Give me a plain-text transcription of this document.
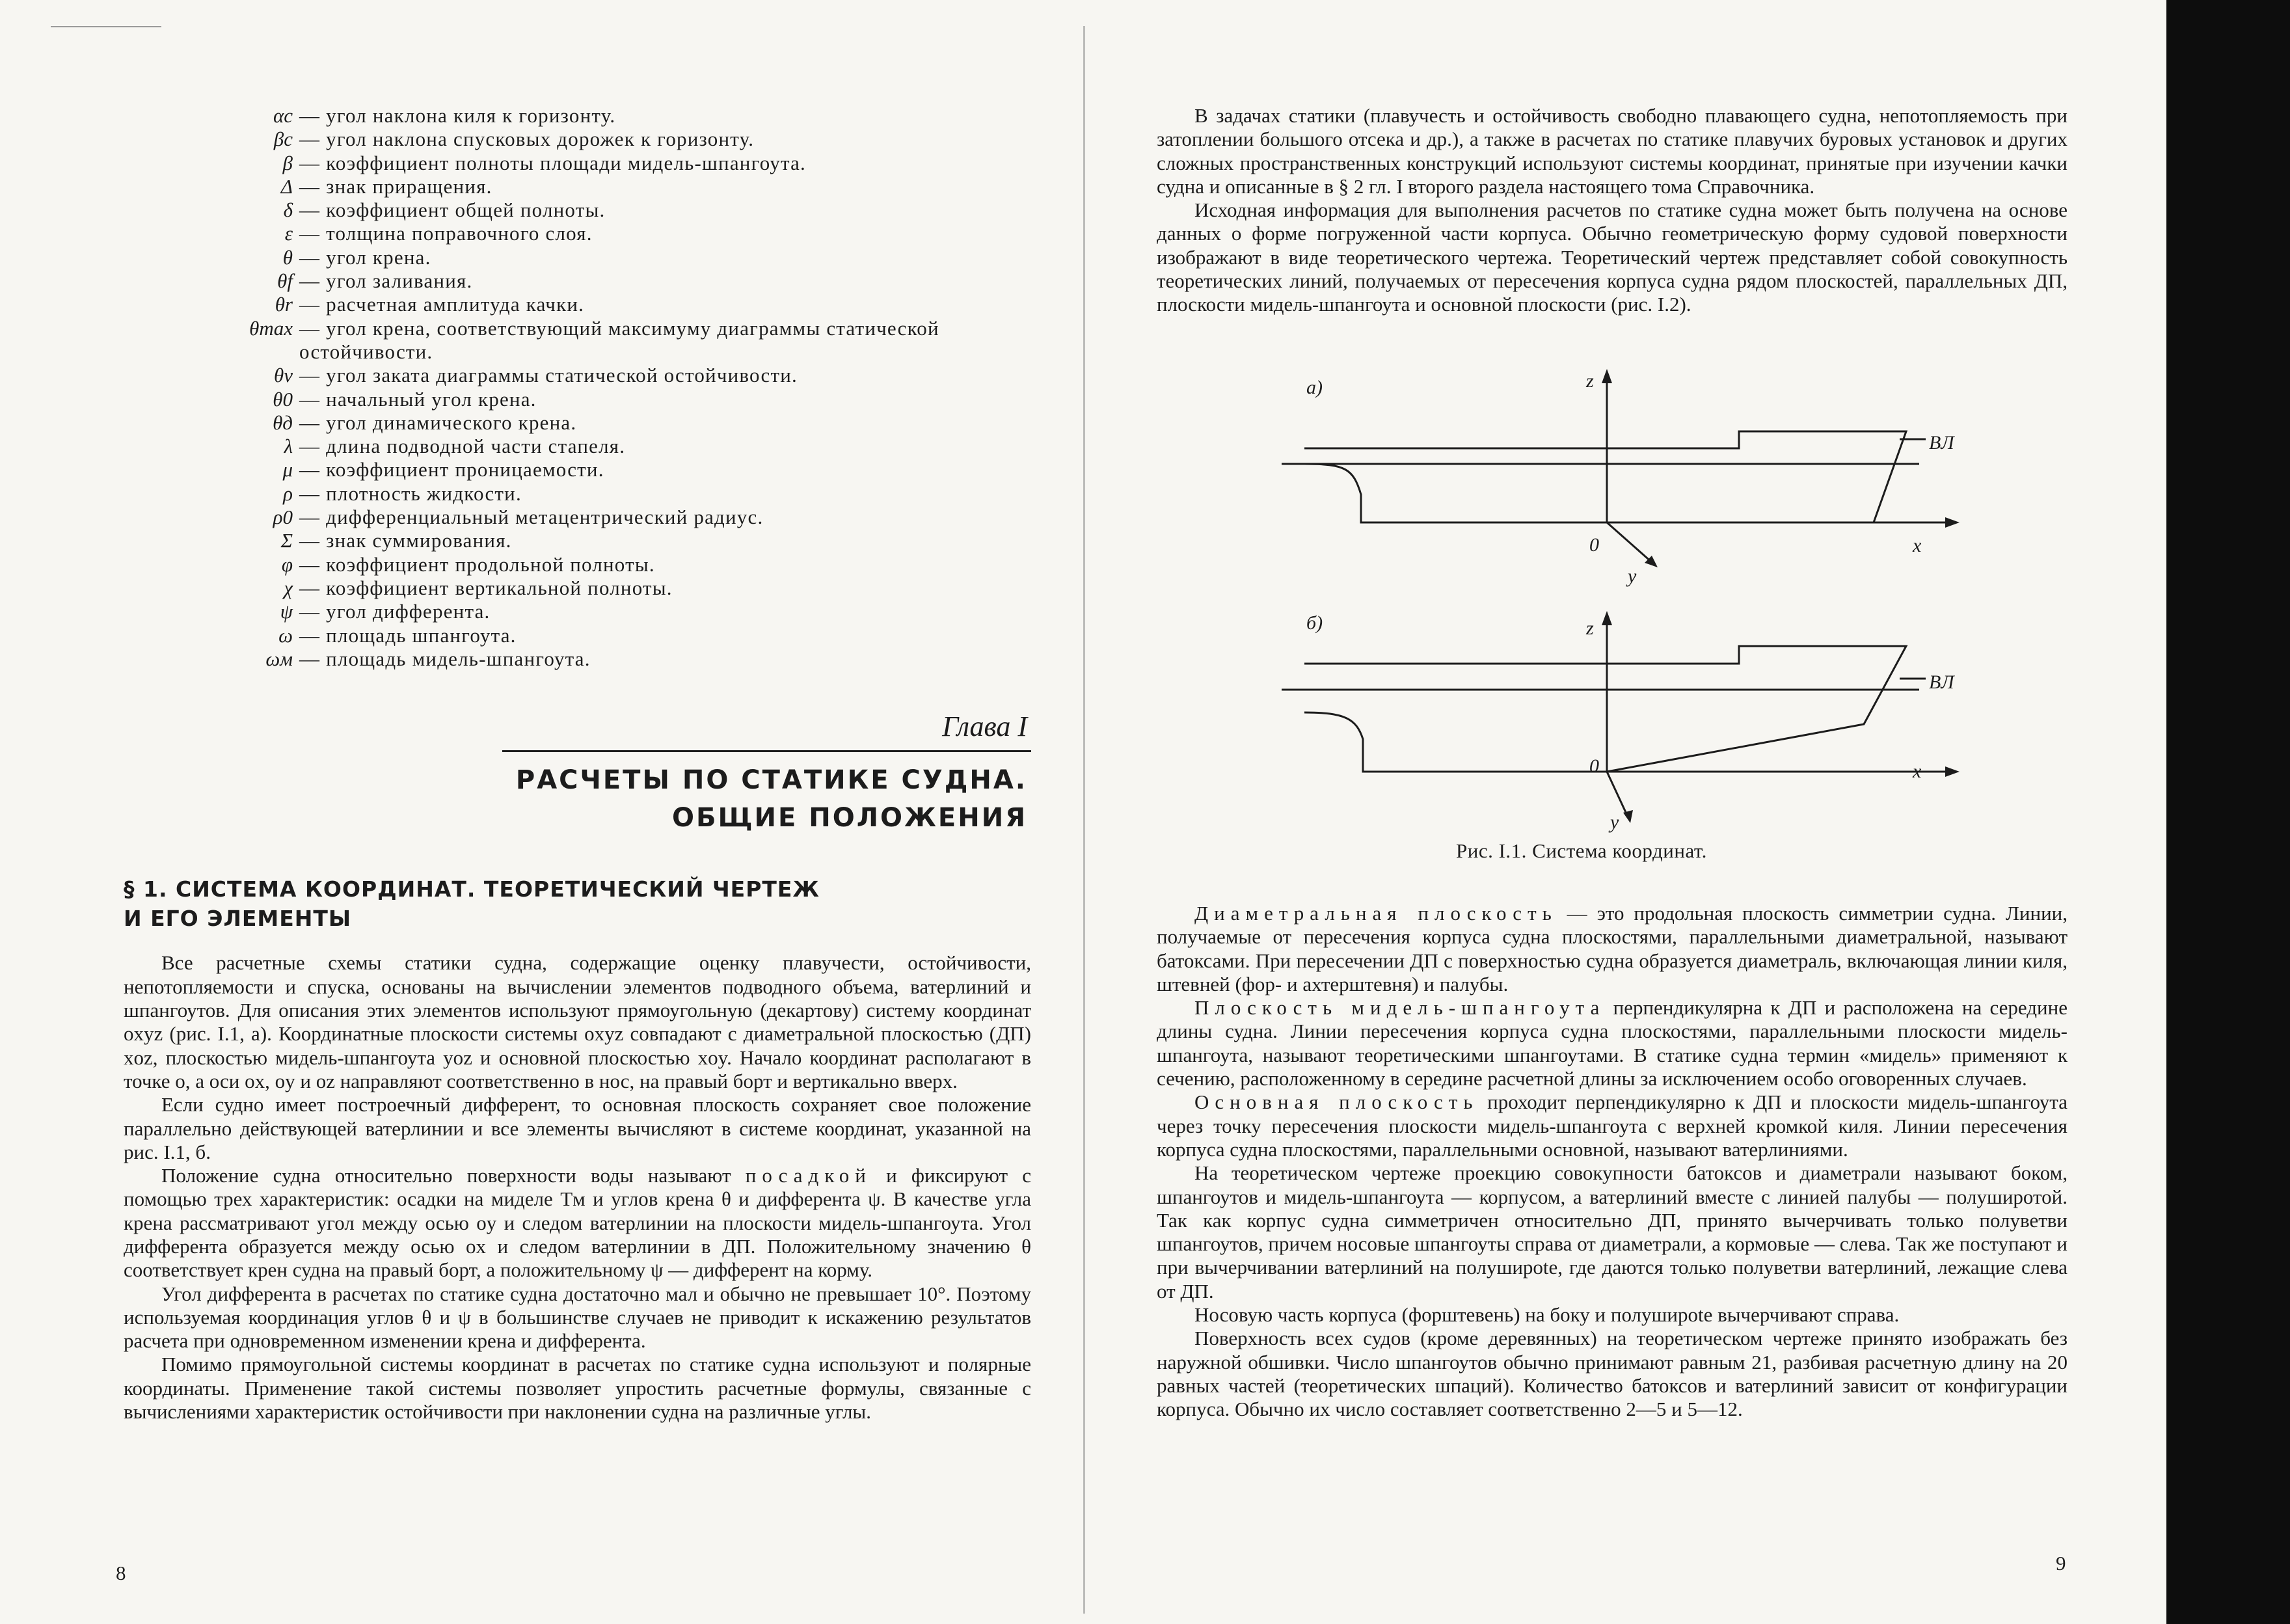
αc — угол наклона киля к горизонту.
βc — угол наклона спусковых дорожек к горизонту.
β — коэффициент полноты площади мидель-шпангоута.
Δ — знак приращения.
δ — коэффициент общей полноты.
ε — толщина поправочного слоя.
θ — угол крена.
θf — угол заливания.
θr — расчетная амплитуда качки.
θmax — угол крена, соответствующий максимуму диаграммы статической остойчивости.
θv — угол заката диаграммы статической остойчивости.
θ0 — начальный угол крена.
θд — угол динамического крена.
λ — длина подводной части стапеля.
μ — коэффициент проницаемости.
ρ — плотность жидкости.
ρ0 — дифференциальный метацентрический радиус.
Σ — знак суммирования.
φ — коэффициент продольной полноты.
χ — коэффициент вертикальной полноты.
ψ — угол дифферента.
ω — площадь шпангоута.
ωм — площадь мидель-шпангоута.
Глава I
РАСЧЕТЫ ПО СТАТИКЕ СУДНА.
ОБЩИЕ ПОЛОЖЕНИЯ
§ 1. СИСТЕМА КООРДИНАТ. ТЕОРЕТИЧЕСКИЙ ЧЕРТЕЖ
И ЕГО ЭЛЕМЕНТЫ

Все расчетные схемы статики судна, содержащие оценку плавучести, остойчивости, непотопляемости и спуска, основаны на вычислении элементов подводного объема, ватерлиний и шпангоутов. Для описания этих элементов используют прямоугольную (декартову) систему координат oxyz (рис. I.1, а). Координатные плоскости системы oxyz совпадают с диаметральной плоскостью (ДП) xoz, плоскостью мидель-шпангоута yoz и основной плоскостью xoy. Начало координат располагают в точке о, а оси ox, oy и oz направляют соответственно в нос, на правый борт и вертикально вверх.

Если судно имеет построечный дифферент, то основная плоскость сохраняет свое положение параллельно действующей ватерлинии и все элементы вычисляют в системе координат, указанной на рис. I.1, б.

Положение судна относительно поверхности воды называют посадкой и фиксируют с помощью трех характеристик: осадки на миделе Tм и углов крена θ и дифферента ψ. В качестве угла крена рассматривают угол между осью oy и следом ватерлинии на плоскости мидель-шпангоута. Угол дифферента образуется между осью ox и следом ватерлинии в ДП. Положительному значению θ соответствует крен судна на правый борт, а положительному ψ — дифферент на корму.

Угол дифферента в расчетах по статике судна достаточно мал и обычно не превышает 10°. Поэтому используемая координация углов θ и ψ в большинстве случаев не приводит к искажению результатов расчета при одновременном изменении крена и дифферента.

Помимо прямоугольной системы координат в расчетах по статике судна используют и полярные координаты. Применение такой системы позволяет упростить расчетные формулы, связанные с вычислениями характеристик остойчивости при наклонении судна на различные углы.

8

В задачах статики (плавучесть и остойчивость свободно плавающего судна, непотопляемость при затоплении большого отсека и др.), а также в расчетах по статике плавучих буровых установок и других сложных пространственных конструкций используют системы координат, принятые при изучении качки судна и описанные в § 2 гл. I второго раздела настоящего тома Справочника.

Исходная информация для выполнения расчетов по статике судна может быть получена на основе данных о форме погруженной части корпуса. Обычно геометрическую форму судовой поверхности изображают в виде теоретического чертежа. Теоретический чертеж представляет собой совокупность теоретических линий, получаемых от пересечения корпуса судна рядом плоскостей, параллельных ДП, плоскости мидель-шпангоута и основной плоскости (рис. I.2).

а)	z
ВЛ
0	x
y
б)	z
ВЛ
0	x
y
Рис. I.1. Система координат.

Диаметральная плоскость — это продольная плоскость симметрии судна. Линии, получаемые от пересечения корпуса судна плоскостями, параллельными диаметральной, называют батоксами. При пересечении ДП с поверхностью судна образуется диаметраль, включающая линии киля, штевней (фор- и ахтерштевня) и палубы.

Плоскость мидель-шпангоута перпендикулярна к ДП и расположена на середине длины судна. Линии пересечения корпуса судна плоскостями, параллельными плоскости мидель-шпангоута, называют теоретическими шпангоутами. В статике судна термин «мидель» применяют к сечению, расположенному в середине расчетной длины за исключением особо оговоренных случаев.

Основная плоскость проходит перпендикулярно к ДП и плоскости мидель-шпангоута через точку пересечения плоскости мидель-шпангоута с верхней кромкой киля. Линии пересечения корпуса судна плоскостями, параллельными основной, называют ватерлиниями.

На теоретическом чертеже проекцию совокупности батоксов и диаметрали называют боком, шпангоутов и мидель-шпангоута — корпусом, а ватерлиний вместе с линией палубы — полуширотой. Так как корпус судна симметричен относительно ДП, принято вычерчивать только полуветви шпангоутов, причем носовые шпангоуты справа от диаметрали, а кормовые — слева. Так же поступают и при вычерчивании ватерлиний на полуширote, где даются только полуветви ватерлиний, лежащие слева от ДП.

Носовую часть корпуса (форштевень) на боку и полуширote вычерчивают справа.

Поверхность всех судов (кроме деревянных) на теоретическом чертеже принято изображать без наружной обшивки. Число шпангоутов обычно принимают равным 21, разбивая расчетную длину на 20 равных частей (теоретических шпаций). Количество батоксов и ватерлиний зависит от конфигурации корпуса. Обычно их число составляет соответственно 2—5 и 5—12.

9
